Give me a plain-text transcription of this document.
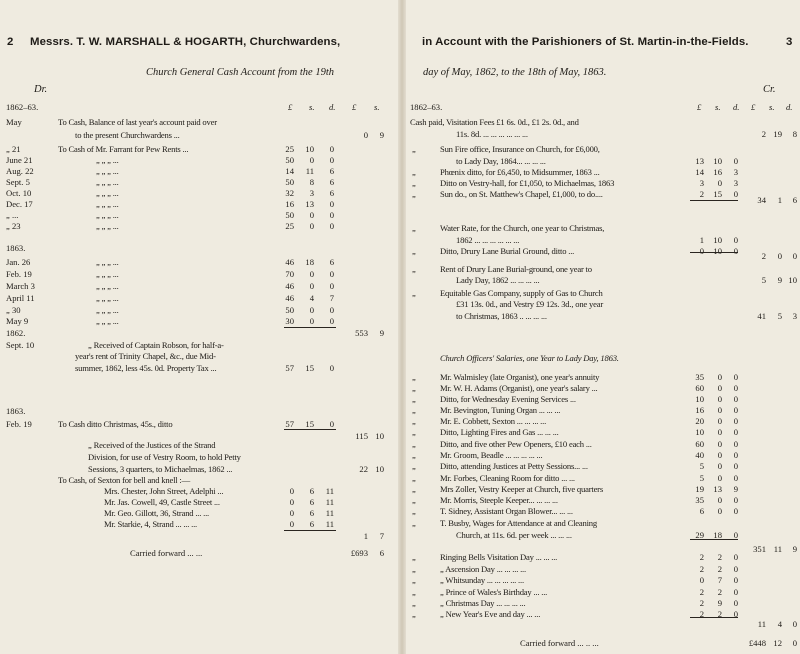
2 Messrs. T. W. MARSHALL & HOGARTH, Churchwardens,	in Account with the Parishioners of St. Martin-in-the-Fields.	3
Church General Cash Account from the 19th	day of May, 1862, to the 18th of May, 1863.
Dr.	Cr.
1862–63.	£ s. d. £ s.	1862–63.	£ s. d. £ s. d.
May	To Cash, Balance of last year's account paid over
to the present Churchwardens ...	0	9
„ 21	To Cash of Mr. Farrant for Pew Rents ...	25	10	0
June 21	„ „ „ ...	50	0	0
Aug. 22	„ „ „ ...	14	11	6
Sept. 5	„ „ „ ...	50	8	6
Oct. 10	„ „ „ ...	32	3	6
Dec. 17	„ „ „ ...	16	13	0
„ ...	„ „ „ ...	50	0	0
„ 23	„ „ „ ...	25	0	0
1863.
Jan. 26	„ „ „ ...	46	18	6
Feb. 19	„ „ „ ...	70	0	0
March 3	„ „ „ ...	46	0	0
April 11	„ „ „ ...	46	4	7
„ 30	„ „ „ ...	50	0	0
May 9	„ „ „ ...	30	0	0
1862.	553	9
Sept. 10	„ Received of Captain Robson, for half-a-
year's rent of Trinity Chapel, &c., due Mid-
summer, 1862, less 45s. 0d. Property Tax ...	57	15	0
1863.
Feb. 19	To Cash ditto Christmas, 45s., ditto	57	15	0
115 10
„ Received of the Justices of the Strand
Division, for use of Vestry Room, to hold Petty
Sessions, 3 quarters, to Michaelmas, 1862 ...	22 10
To Cash, of Sexton for bell and knell :—
Mrs. Chester, John Street, Adelphi ...	0	6	11
Mr. Jas. Cowell, 49, Castle Street ...	0	6	11
Mr. Geo. Gillott, 36, Strand ... ...	0	6	11
Mr. Starkie, 4, Strand ... ... ...	0	6	11
1	7
Carried forward ... ...	£693	6
Cash paid, Visitation Fees £1 6s. 0d., £1 2s. 0d., and
11s. 8d. ... ... ... ... ... ...	2 19	8
„	Sun Fire office, Insurance on Church, for £6,000,
to Lady Day, 1864... ... ... ...	13	10	0
„	Phœnix ditto, for £6,450, to Midsummer, 1863 ...	14	16	3
„	Ditto on Vestry-hall, for £1,050, to Michaelmas, 1863	3	0	3
„	Sun do., on St. Matthew's Chapel, £1,000, to do....	2	15	0
34	1	6
„	Water Rate, for the Church, one year to Christmas,
1862 ... ... ... ... ... ...	1	10	0
„	Ditto, Drury Lane Burial Ground, ditto ...	0	10	0	2	0	0
„	Rent of Drury Lane Burial-ground, one year to
Lady Day, 1862 ... ... ... ...	5	9 10
„	Equitable Gas Company, supply of Gas to Church
£31 13s. 0d., and Vestry £9 12s. 3d., one year
to Christmas, 1863 .. ... ... ...	41	5	3
Church Officers' Salaries, one Year to Lady Day, 1863.
„	Mr. Walmisley (late Organist), one year's annuity	35	0	0
„	Mr. W. H. Adams (Organist), one year's salary ...	60	0	0
„	Ditto, for Wednesday Evening Services ...	10	0	0
„	Mr. Bevington, Tuning Organ ... ... ...	16	0	0
„	Mr. E. Cobbett, Sexton ... ... ... ...	20	0	0
„	Ditto, Lighting Fires and Gas ... ... ...	10	0	0
„	Ditto, and five other Pew Openers, £10 each ...	60	0	0
„	Mr. Groom, Beadle ... ... ... ... ...	40	0	0
„	Ditto, attending Justices at Petty Sessions... ...	5	0	0
„	Mr. Forbes, Cleaning Room for ditto ... ...	5	0	0
„	Mrs Zoller, Vestry Keeper at Church, five quarters	19	13	9
„	Mr. Morris, Steeple Keeper... ... ... ...	35	0	0
„	T. Sidney, Assistant Organ Blower... ... ...	6	0	0
„	T. Busby, Wages for Attendance at and Cleaning
Church, at 11s. 6d. per week ... ... ...	29	18	0
351 11	9
„	Ringing Bells Visitation Day ... ... ...	2	2	0
„	„ Ascension Day ... ... ... ...	2	2	0
„	„ Whitsunday ... ... ... ... ...	0	7	0
„	„ Prince of Wales's Birthday ... ...	2	2	0
„	„ Christmas Day ... ... ... ...	2	9	0
„	„ New Year's Eve and day ... ...	2	2	0
11	4	0
Carried forward ... .. ...	£448 12	0
